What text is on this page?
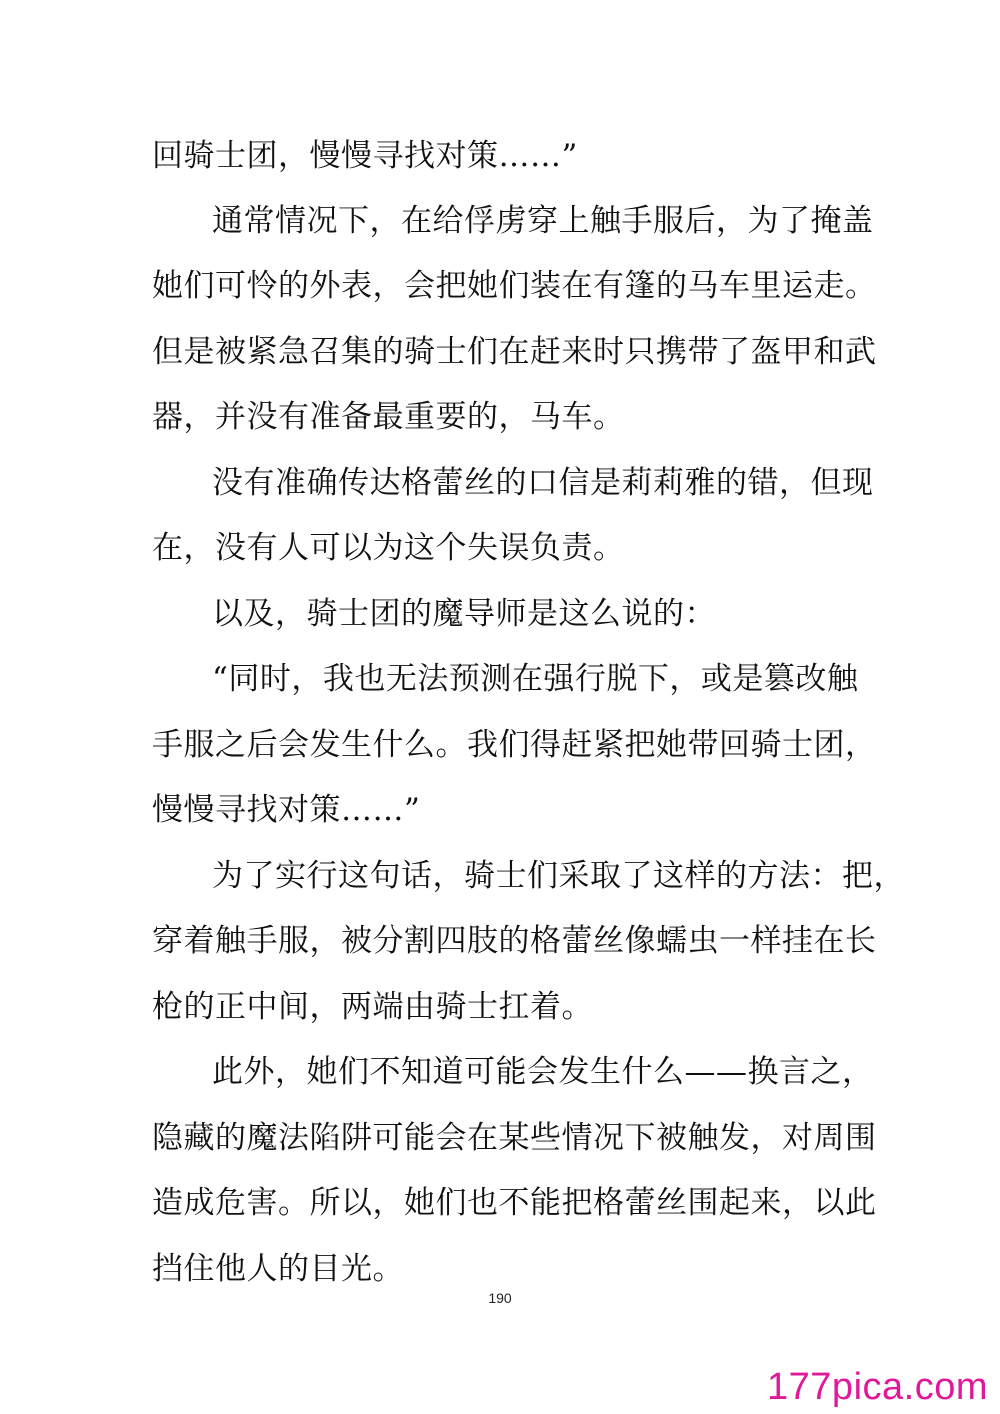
回骑士团，慢慢寻找对策……”
通常情况下，在给俘虏穿上触手服后，为了掩盖
她们可怜的外表，会把她们装在有篷的马车里运走。
但是被紧急召集的骑士们在赶来时只携带了盔甲和武
器，并没有准备最重要的，马车。
没有准确传达格蕾丝的口信是莉莉雅的错，但现
在，没有人可以为这个失误负责。
以及，骑士团的魔导师是这么说的：
“同时，我也无法预测在强行脱下，或是篡改触
手服之后会发生什么。我们得赶紧把她带回骑士团，
慢慢寻找对策……”
为了实行这句话，骑士们采取了这样的方法：把，
穿着触手服，被分割四肢的格蕾丝像蠕虫一样挂在长
枪的正中间，两端由骑士扛着。
此外，她们不知道可能会发生什么——换言之，
隐藏的魔法陷阱可能会在某些情况下被触发，对周围
造成危害。所以，她们也不能把格蕾丝围起来，以此
挡住他人的目光。
190
177pica.com
